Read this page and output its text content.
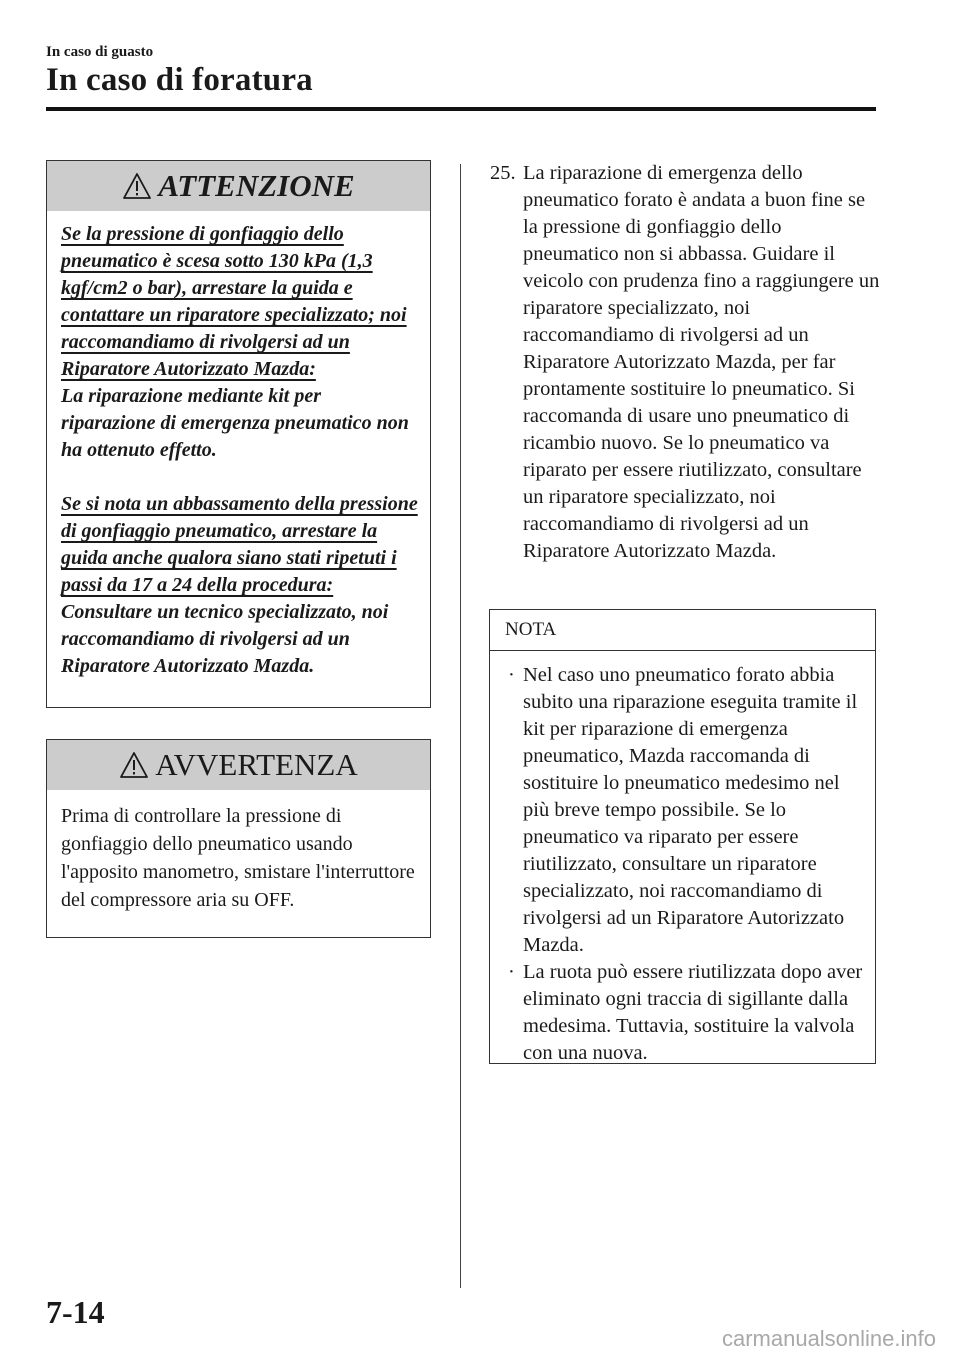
In caso di guasto
In caso di foratura
ATTENZIONE
Se la pressione di gonfiaggio dello pneumatico è scesa sotto 130 kPa (1,3 kgf/cm2 o bar), arrestare la guida e contattare un riparatore specializzato; noi raccomandiamo di rivolgersi ad un Riparatore Autorizzato Mazda:
La riparazione mediante kit per riparazione di emergenza pneumatico non ha ottenuto effetto.
Se si nota un abbassamento della pressione di gonfiaggio pneumatico, arrestare la guida anche qualora siano stati ripetuti i passi da 17 a 24 della procedura:
Consultare un tecnico specializzato, noi raccomandiamo di rivolgersi ad un Riparatore Autorizzato Mazda.
AVVERTENZA
Prima di controllare la pressione di gonfiaggio dello pneumatico usando l'apposito manometro, smistare l'interruttore del compressore aria su OFF.
25. La riparazione di emergenza dello pneumatico forato è andata a buon fine se la pressione di gonfiaggio dello pneumatico non si abbassa. Guidare il veicolo con prudenza fino a raggiungere un riparatore specializzato, noi raccomandiamo di rivolgersi ad un Riparatore Autorizzato Mazda, per far prontamente sostituire lo pneumatico. Si raccomanda di usare uno pneumatico di ricambio nuovo. Se lo pneumatico va riparato per essere riutilizzato, consultare un riparatore specializzato, noi raccomandiamo di rivolgersi ad un Riparatore Autorizzato Mazda.
NOTA
· Nel caso uno pneumatico forato abbia subito una riparazione eseguita tramite il kit per riparazione di emergenza pneumatico, Mazda raccomanda di sostituire lo pneumatico medesimo nel più breve tempo possibile. Se lo pneumatico va riparato per essere riutilizzato, consultare un riparatore specializzato, noi raccomandiamo di rivolgersi ad un Riparatore Autorizzato Mazda.
· La ruota può essere riutilizzata dopo aver eliminato ogni traccia di sigillante dalla medesima. Tuttavia, sostituire la valvola con una nuova.
7-14
carmanualsonline.info
